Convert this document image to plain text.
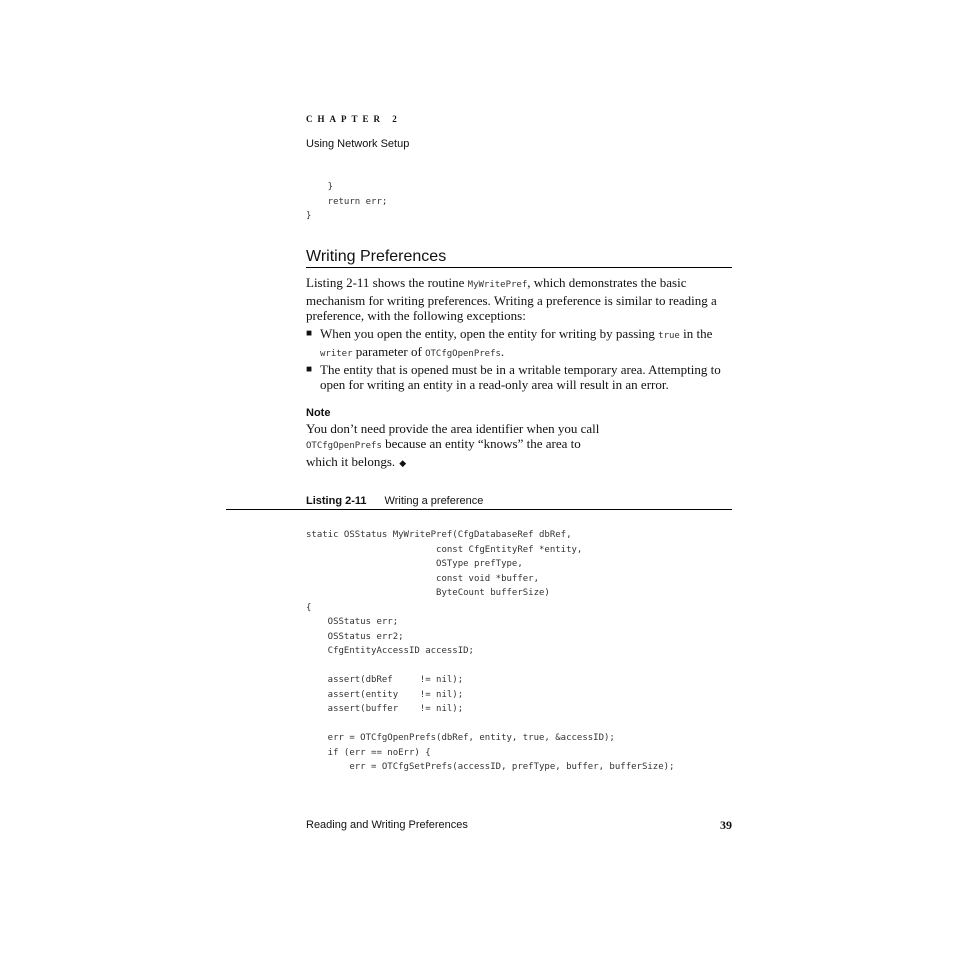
CHAPTER 2
Using Network Setup
}
return err;
}
Writing Preferences
Listing 2-11 shows the routine MyWritePref, which demonstrates the basic mechanism for writing preferences. Writing a preference is similar to reading a preference, with the following exceptions:
■ When you open the entity, open the entity for writing by passing true in the writer parameter of OTCfgOpenPrefs.
■ The entity that is opened must be in a writable temporary area. Attempting to open for writing an entity in a read-only area will result in an error.
Note
You don’t need provide the area identifier when you call
OTCfgOpenPrefs because an entity “knows” the area to
which it belongs. ◆
Listing 2-11 Writing a preference
static OSStatus MyWritePref(CfgDatabaseRef dbRef,
const CfgEntityRef *entity,
OSType prefType,
const void *buffer,
ByteCount bufferSize)
{
OSStatus err;
OSStatus err2;
CfgEntityAccessID accessID;

assert(dbRef     != nil);
assert(entity    != nil);
assert(buffer    != nil);

err = OTCfgOpenPrefs(dbRef, entity, true, &accessID);
if (err == noErr) {
err = OTCfgSetPrefs(accessID, prefType, buffer, bufferSize);
Reading and Writing Preferences	39
